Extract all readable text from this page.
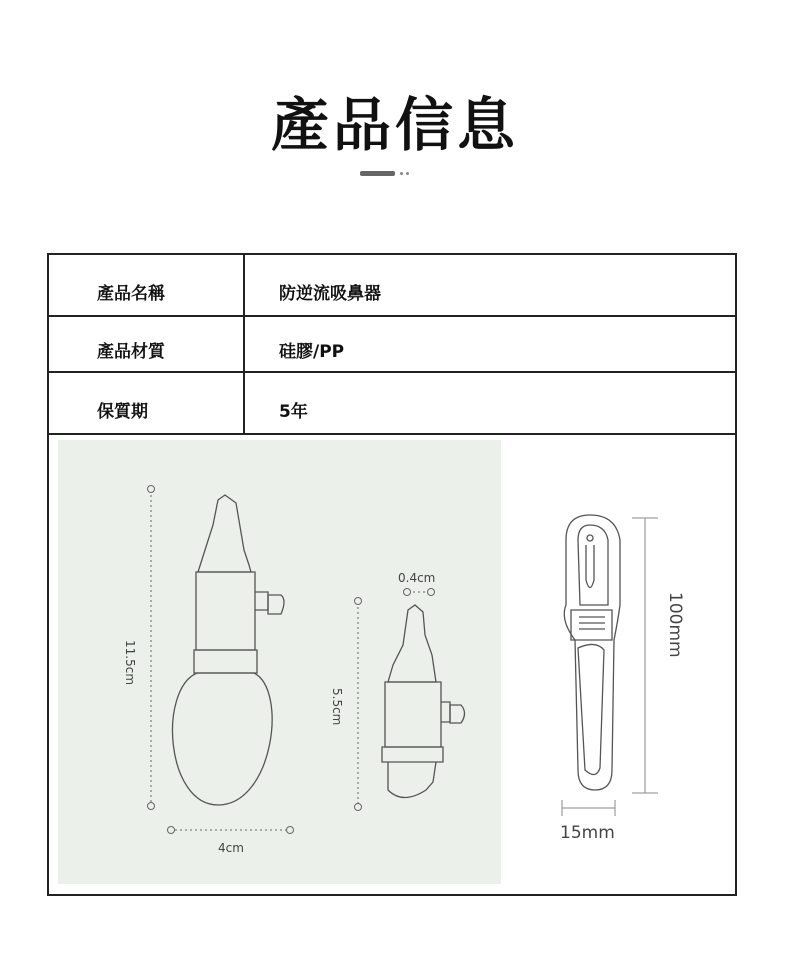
產品信息
產品名稱	防逆流吸鼻器
產品材質	硅膠/PP
保質期	5年
11.5cm
5.5cm
4cm
0.4cm
100mm
15mm
